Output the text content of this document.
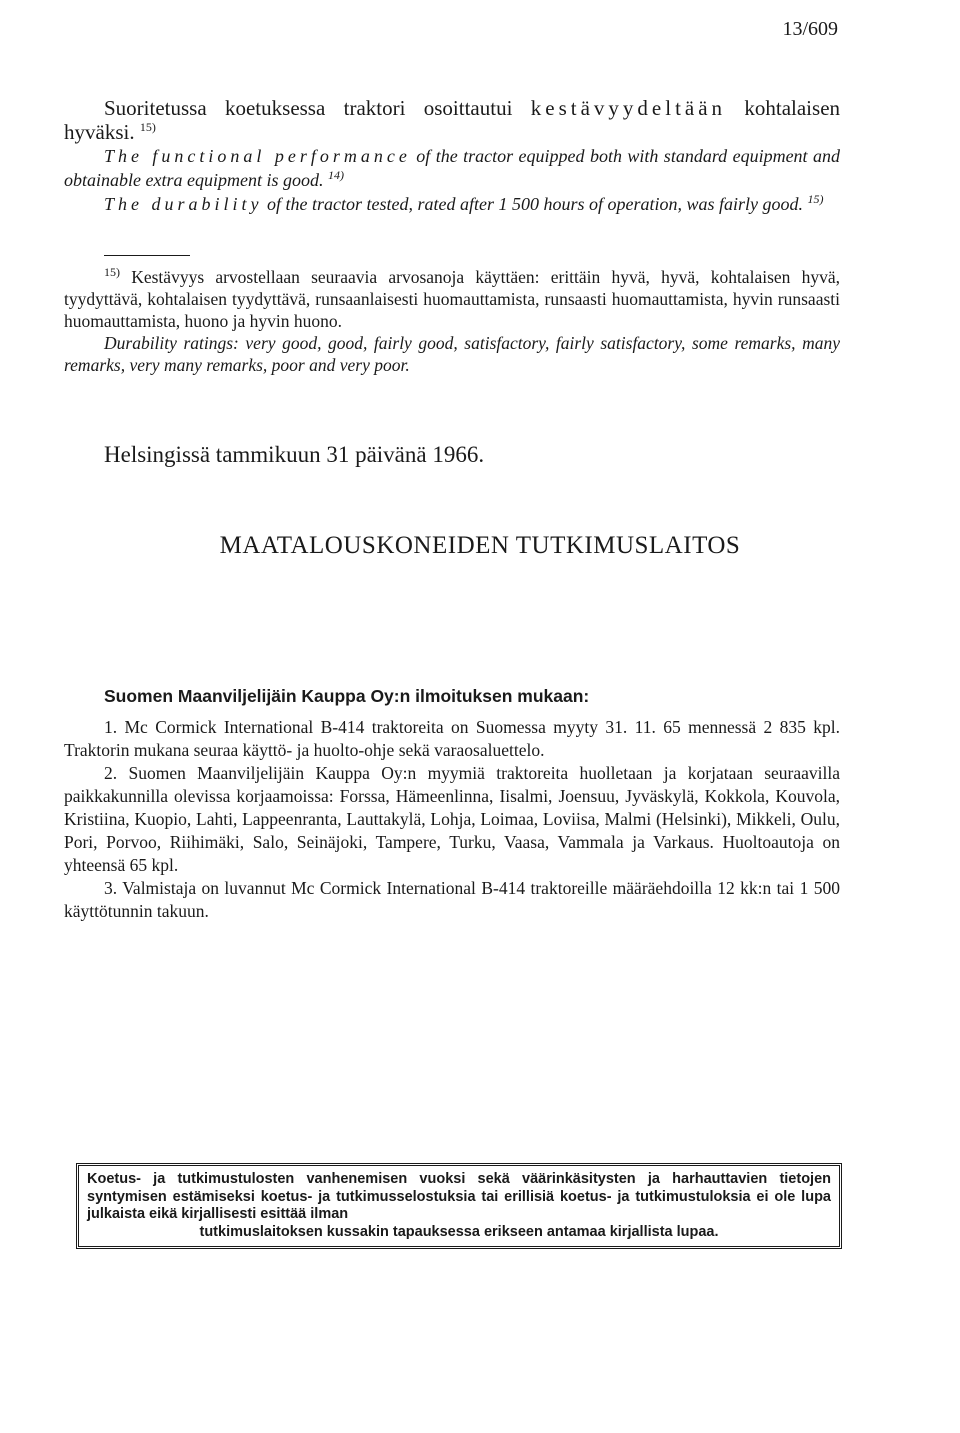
13/609

Suoritetussa koetuksessa traktori osoittautui kestävyydeltään kohtalaisen hyväksi. $^{15)}$

The functional performance of the tractor equipped both with standard equipment and obtainable extra equipment is good. $^{14)}$

The durability of the tractor tested, rated after 1 500 hours of operation, was fairly good. $^{15)}$

$^{15)}$ Kestävyys arvostellaan seuraavia arvosanoja käyttäen: erittäin hyvä, hyvä, kohtalaisen hyvä, tyydyttävä, kohtalaisen tyydyttävä, runsaanlaisesti huomauttamista, runsaasti huomauttamista, hyvin runsaasti huomauttamista, huono ja hyvin huono.

Durability ratings: very good, good, fairly good, satisfactory, fairly satisfactory, some remarks, many remarks, very many remarks, poor and very poor.

Helsingissä tammikuun 31 päivänä 1966.
MAATALOUSKONEIDEN TUTKIMUSLAITOS
Suomen Maanviljelijäin Kauppa Oy:n ilmoituksen mukaan:

1. Mc Cormick International B-414 traktoreita on Suomessa myyty 31. 11. 65 mennessä 2 835 kpl. Traktorin mukana seuraa käyttö- ja huolto-ohje sekä varaosaluettelo.

2. Suomen Maanviljelijäin Kauppa Oy:n myymiä traktoreita huolletaan ja korjataan seuraavilla paikkakunnilla olevissa korjaamoissa: Forssa, Hämeenlinna, Iisalmi, Joensuu, Jyväskylä, Kokkola, Kouvola, Kristiina, Kuopio, Lahti, Lappeenranta, Lauttakylä, Lohja, Loimaa, Loviisa, Malmi (Helsinki), Mikkeli, Oulu, Pori, Porvoo, Riihimäki, Salo, Seinäjoki, Tampere, Turku, Vaasa, Vammala ja Varkaus. Huoltoautoja on yhteensä 65 kpl.

3. Valmistaja on luvannut Mc Cormick International B-414 traktoreille määräehdoilla 12 kk:n tai 1 500 käyttötunnin takuun.

Koetus- ja tutkimustulosten vanhenemisen vuoksi sekä väärinkäsitysten ja harhauttavien tietojen syntymisen estämiseksi koetus- ja tutkimusselostuksia tai erillisiä koetus- ja tutkimustuloksia ei ole lupa julkaista eikä kirjallisesti esittää ilman

tutkimuslaitoksen kussakin tapauksessa erikseen antamaa kirjallista lupaa.
